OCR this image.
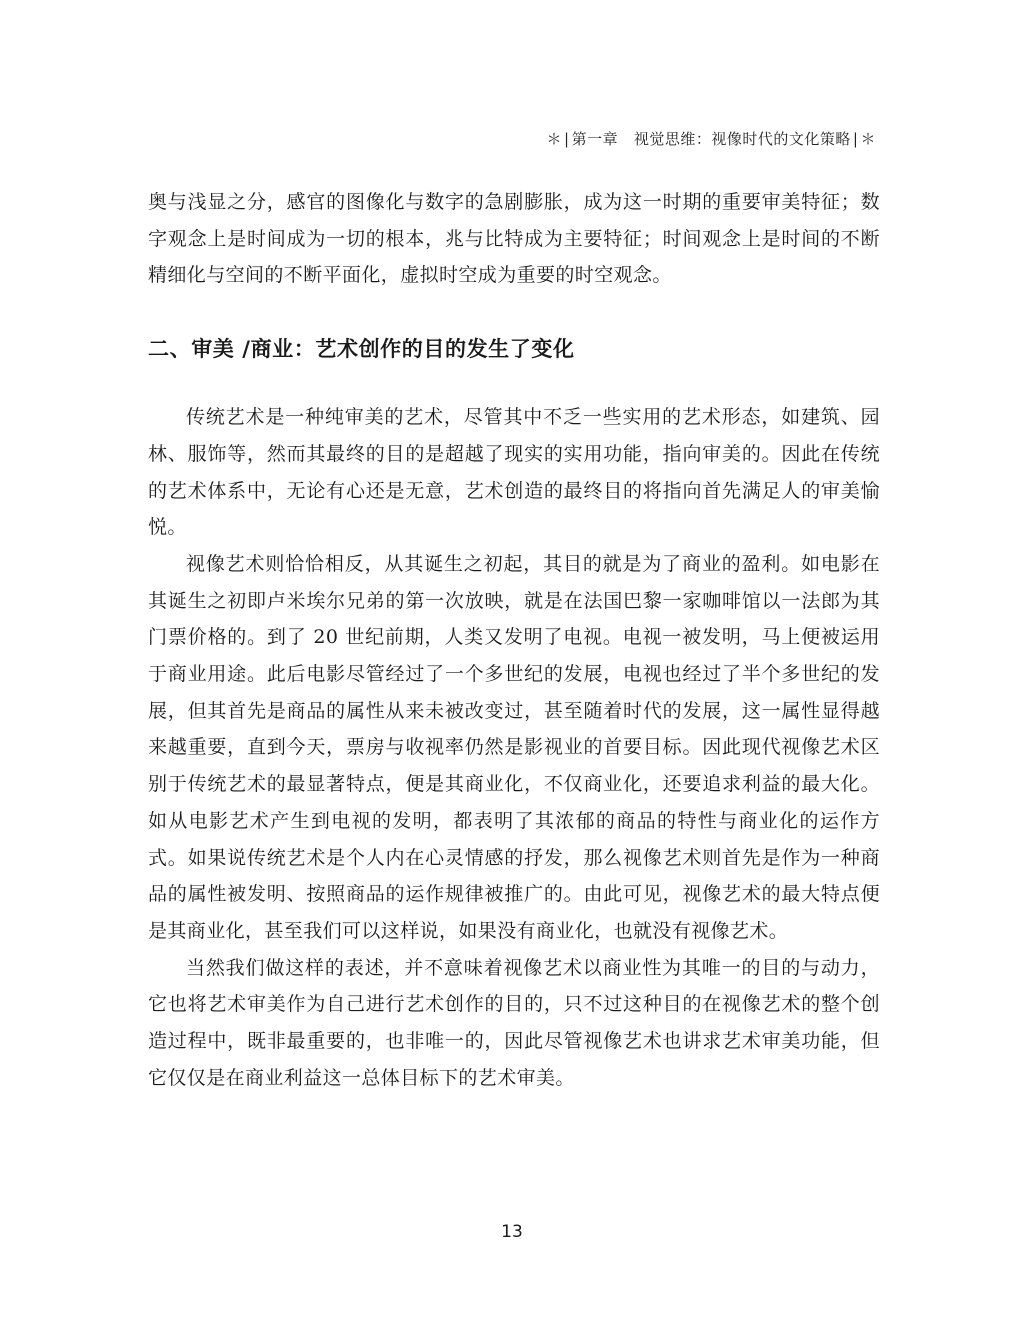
＊ | 第一章 视觉思维：视像时代的文化策略 | ＊

奥与浅显之分，感官的图像化与数字的急剧膨胀，成为这一时期的重要审美特征；数字观念上是时间成为一切的根本，兆与比特成为主要特征；时间观念上是时间的不断精细化与空间的不断平面化，虚拟时空成为重要的时空观念。

二、审美 /商业：艺术创作的目的发生了变化

传统艺术是一种纯审美的艺术，尽管其中不乏一些实用的艺术形态，如建筑、园林、服饰等，然而其最终的目的是超越了现实的实用功能，指向审美的。因此在传统的艺术体系中，无论有心还是无意，艺术创造的最终目的将指向首先满足人的审美愉悦。

视像艺术则恰恰相反，从其诞生之初起，其目的就是为了商业的盈利。如电影在其诞生之初即卢米埃尔兄弟的第一次放映，就是在法国巴黎一家咖啡馆以一法郎为其门票价格的。到了 20 世纪前期，人类又发明了电视。电视一被发明，马上便被运用于商业用途。此后电影尽管经过了一个多世纪的发展，电视也经过了半个多世纪的发展，但其首先是商品的属性从来未被改变过，甚至随着时代的发展，这一属性显得越来越重要，直到今天，票房与收视率仍然是影视业的首要目标。因此现代视像艺术区别于传统艺术的最显著特点，便是其商业化，不仅商业化，还要追求利益的最大化。如从电影艺术产生到电视的发明，都表明了其浓郁的商品的特性与商业化的运作方式。如果说传统艺术是个人内在心灵情感的抒发，那么视像艺术则首先是作为一种商品的属性被发明、按照商品的运作规律被推广的。由此可见，视像艺术的最大特点便是其商业化，甚至我们可以这样说，如果没有商业化，也就没有视像艺术。

当然我们做这样的表述，并不意味着视像艺术以商业性为其唯一的目的与动力，它也将艺术审美作为自己进行艺术创作的目的，只不过这种目的在视像艺术的整个创造过程中，既非最重要的，也非唯一的，因此尽管视像艺术也讲求艺术审美功能，但它仅仅是在商业利益这一总体目标下的艺术审美。

13
